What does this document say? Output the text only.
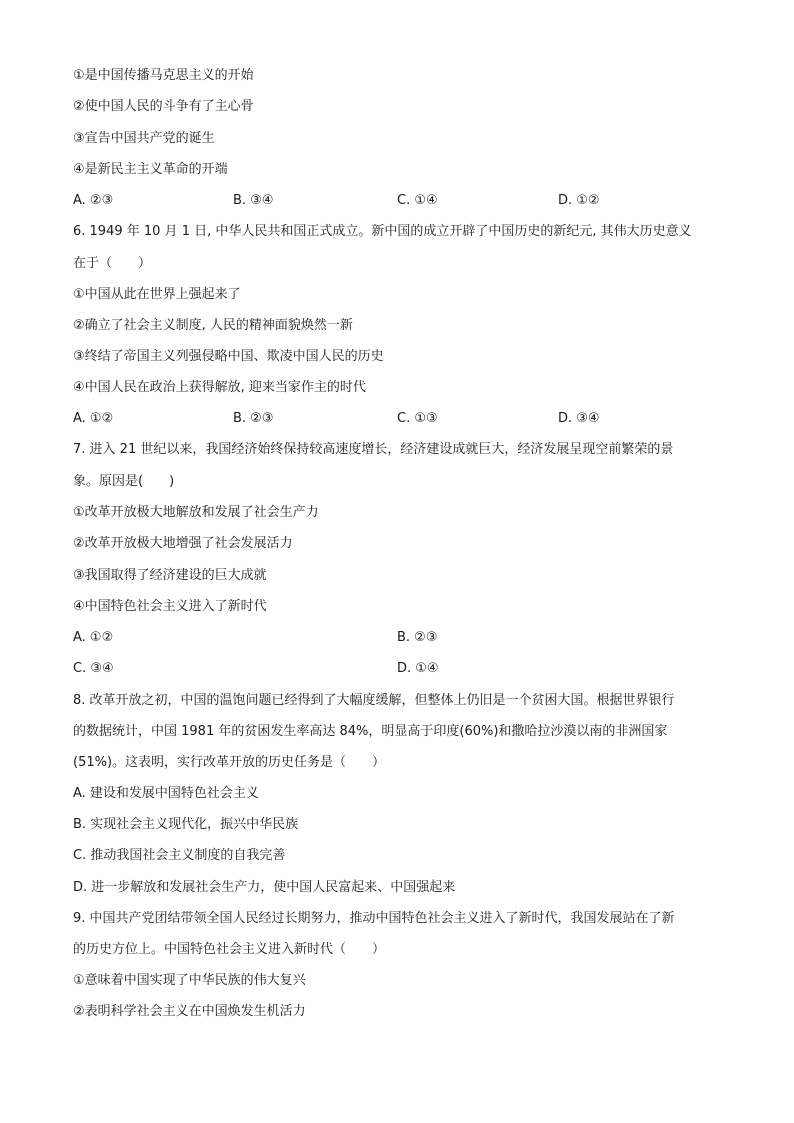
①是中国传播马克思主义的开始
②使中国人民的斗争有了主心骨
③宣告中国共产党的诞生
④是新民主主义革命的开端
A. ②③	B. ③④	C. ①④	D. ①②
6. 1949 年 10 月 1 日, 中华人民共和国正式成立。新中国的成立开辟了中国历史的新纪元, 其伟大历史意义
在于（　　）
①中国从此在世界上强起来了
②确立了社会主义制度, 人民的精神面貌焕然一新
③终结了帝国主义列强侵略中国、欺凌中国人民的历史
④中国人民在政治上获得解放, 迎来当家作主的时代
A. ①②	B. ②③	C. ①③	D. ③④
7. 进入 21 世纪以来，我国经济始终保持较高速度增长，经济建设成就巨大，经济发展呈现空前繁荣的景
象。原因是(　　)
①改革开放极大地解放和发展了社会生产力
②改革开放极大地增强了社会发展活力
③我国取得了经济建设的巨大成就
④中国特色社会主义进入了新时代
A. ①②	B. ②③
C. ③④	D. ①④
8. 改革开放之初，中国的温饱问题已经得到了大幅度缓解，但整体上仍旧是一个贫困大国。根据世界银行
的数据统计，中国 1981 年的贫困发生率高达 84%，明显高于印度(60%)和撒哈拉沙漠以南的非洲国家
(51%)。这表明，实行改革开放的历史任务是（　　）
A. 建设和发展中国特色社会主义
B. 实现社会主义现代化，振兴中华民族
C. 推动我国社会主义制度的自我完善
D. 进一步解放和发展社会生产力，使中国人民富起来、中国强起来
9. 中国共产党团结带领全国人民经过长期努力，推动中国特色社会主义进入了新时代，我国发展站在了新
的历史方位上。中国特色社会主义进入新时代（　　）
①意味着中国实现了中华民族的伟大复兴
②表明科学社会主义在中国焕发生机活力
